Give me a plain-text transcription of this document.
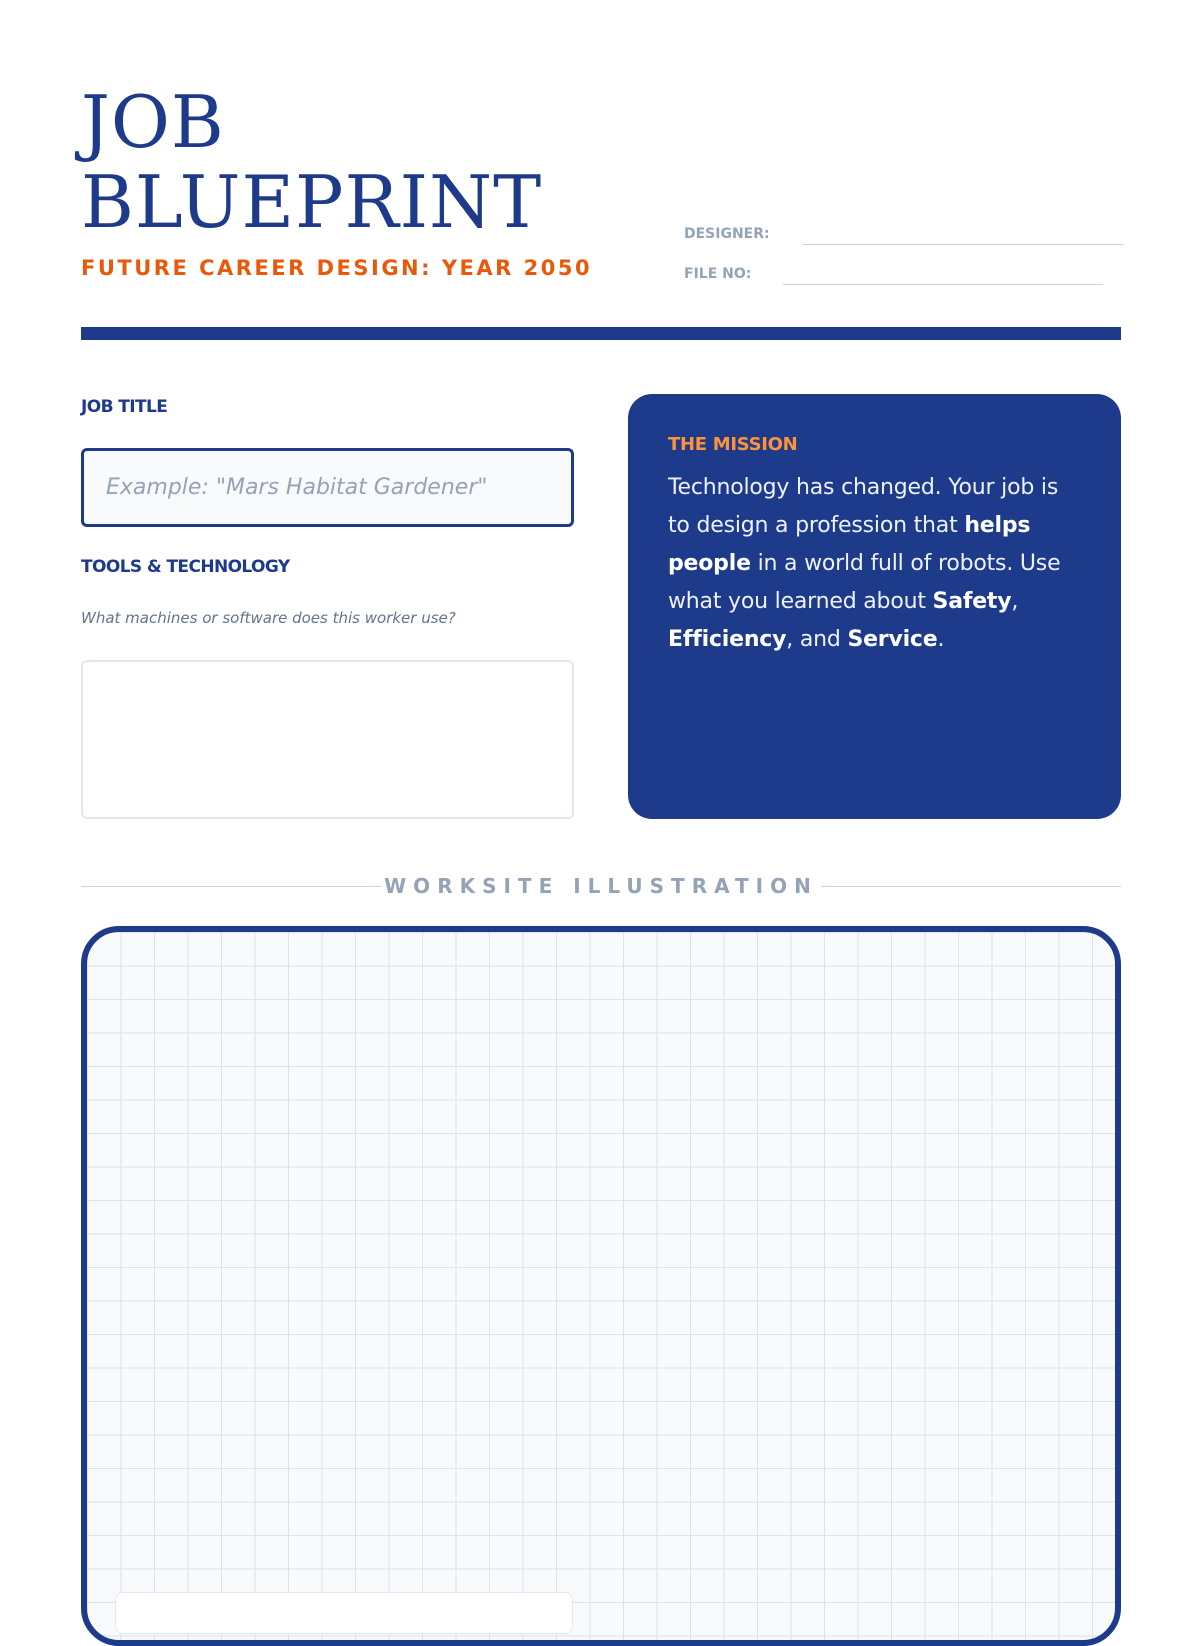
JOB
BLUEPRINT

FUTURE CAREER DESIGN: YEAR 2050

DESIGNER:
FILE NO:
JOB TITLE
Example: "Mars Habitat Gardener"
TOOLS & TECHNOLOGY

What machines or software does this worker use?

THE MISSION

Technology has changed. Your job is to design a profession that helps people in a world full of robots. Use what you learned about Safety, Efficiency, and Service.

WORKSITE ILLUSTRATION
